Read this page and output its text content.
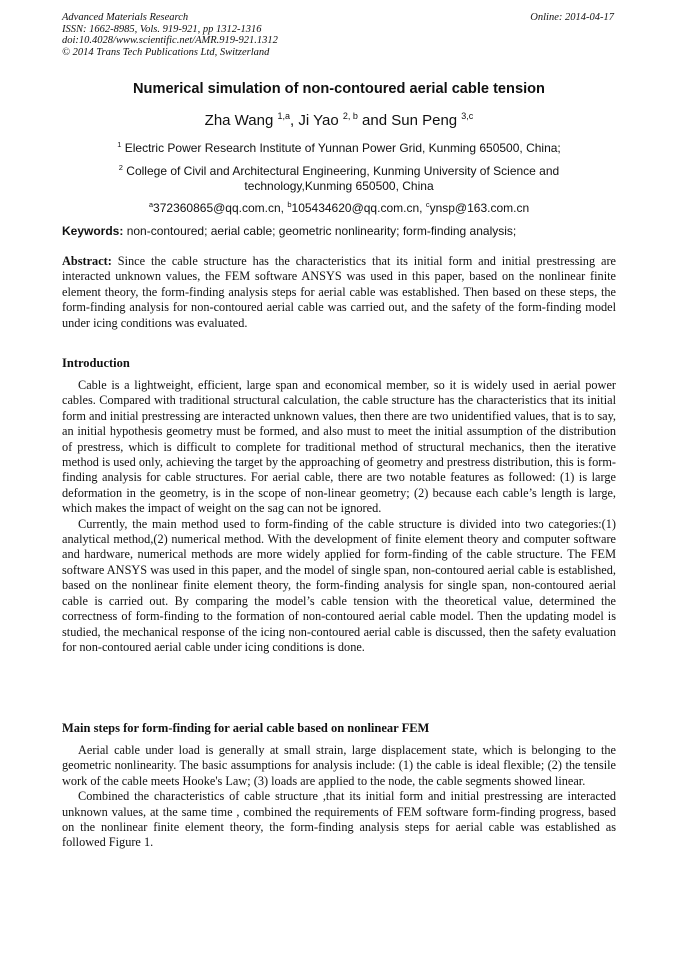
Advanced Materials Research
ISSN: 1662-8985, Vols. 919-921, pp 1312-1316
doi:10.4028/www.scientific.net/AMR.919-921.1312
© 2014 Trans Tech Publications Ltd, Switzerland
Online: 2014-04-17
Numerical simulation of non-contoured aerial cable tension
Zha Wang $^{1,a}$, Ji Yao $^{2, b}$ and Sun Peng $^{3,c}$
$^1$ Electric Power Research Institute of Yunnan Power Grid, Kunming 650500, China;
$^2$ College of Civil and Architectural Engineering, Kunming University of Science and
technology,Kunming 650500, China
$^a$372360865@qq.com.cn, $^b$105434620@qq.com.cn, $^c$ynsp@163.com.cn
Keywords: non-contoured; aerial cable; geometric nonlinearity; form-finding analysis;

Abstract: Since the cable structure has the characteristics that its initial form and initial prestressing are interacted unknown values, the FEM software ANSYS was used in this paper, based on the nonlinear finite element theory, the form-finding analysis steps for aerial cable was established. Then based on these steps, the form-finding analysis for non-contoured aerial cable was carried out, and the safety of the form-finding model under icing conditions was evaluated.

Introduction

Cable is a lightweight, efficient, large span and economical member, so it is widely used in aerial power cables. Compared with traditional structural calculation, the cable structure has the characteristics that its initial form and initial prestressing are interacted unknown values, then there are two unidentified values, that is to say, an initial hypothesis geometry must be formed, and also must to meet the initial assumption of the distribution of prestress, which is difficult to complete for traditional method of structural mechanics, then the iterative method is used only, achieving the target by the approaching of geometry and prestress distribution, this is form-finding analysis for cable structures. For aerial cable, there are two notable features as followed: (1) is large deformation in the geometry, is in the scope of non-linear geometry; (2) because each cable’s length is large, which makes the impact of weight on the sag can not be ignored.

Currently, the main method used to form-finding of the cable structure is divided into two categories:(1) analytical method,(2) numerical method. With the development of finite element theory and computer software and hardware, numerical methods are more widely applied for form-finding of the cable structure. The FEM software ANSYS was used in this paper, and the model of single span, non-contoured aerial cable is established, based on the nonlinear finite element theory, the form-finding analysis for single span, non-contoured aerial cable is carried out. By comparing the model’s cable tension with the theoretical value, determined the correctness of form-finding to the formation of non-contoured aerial cable model. Then the updating model is studied, the mechanical response of the icing non-contoured aerial cable is discussed, then the safety evaluation for non-contoured aerial cable under icing conditions is done.

Main steps for form-finding for aerial cable based on nonlinear FEM

Aerial cable under load is generally at small strain, large displacement state, which is belonging to the geometric nonlinearity. The basic assumptions for analysis include: (1) the cable is ideal flexible; (2) the tensile work of the cable meets Hooke's Law; (3) loads are applied to the node, the cable segments showed linear.

Combined the characteristics of cable structure ,that its initial form and initial prestressing are interacted unknown values, at the same time , combined the requirements of FEM software form-finding progress, based on the nonlinear finite element theory, the form-finding analysis steps for aerial cable was established as followed Figure 1.
